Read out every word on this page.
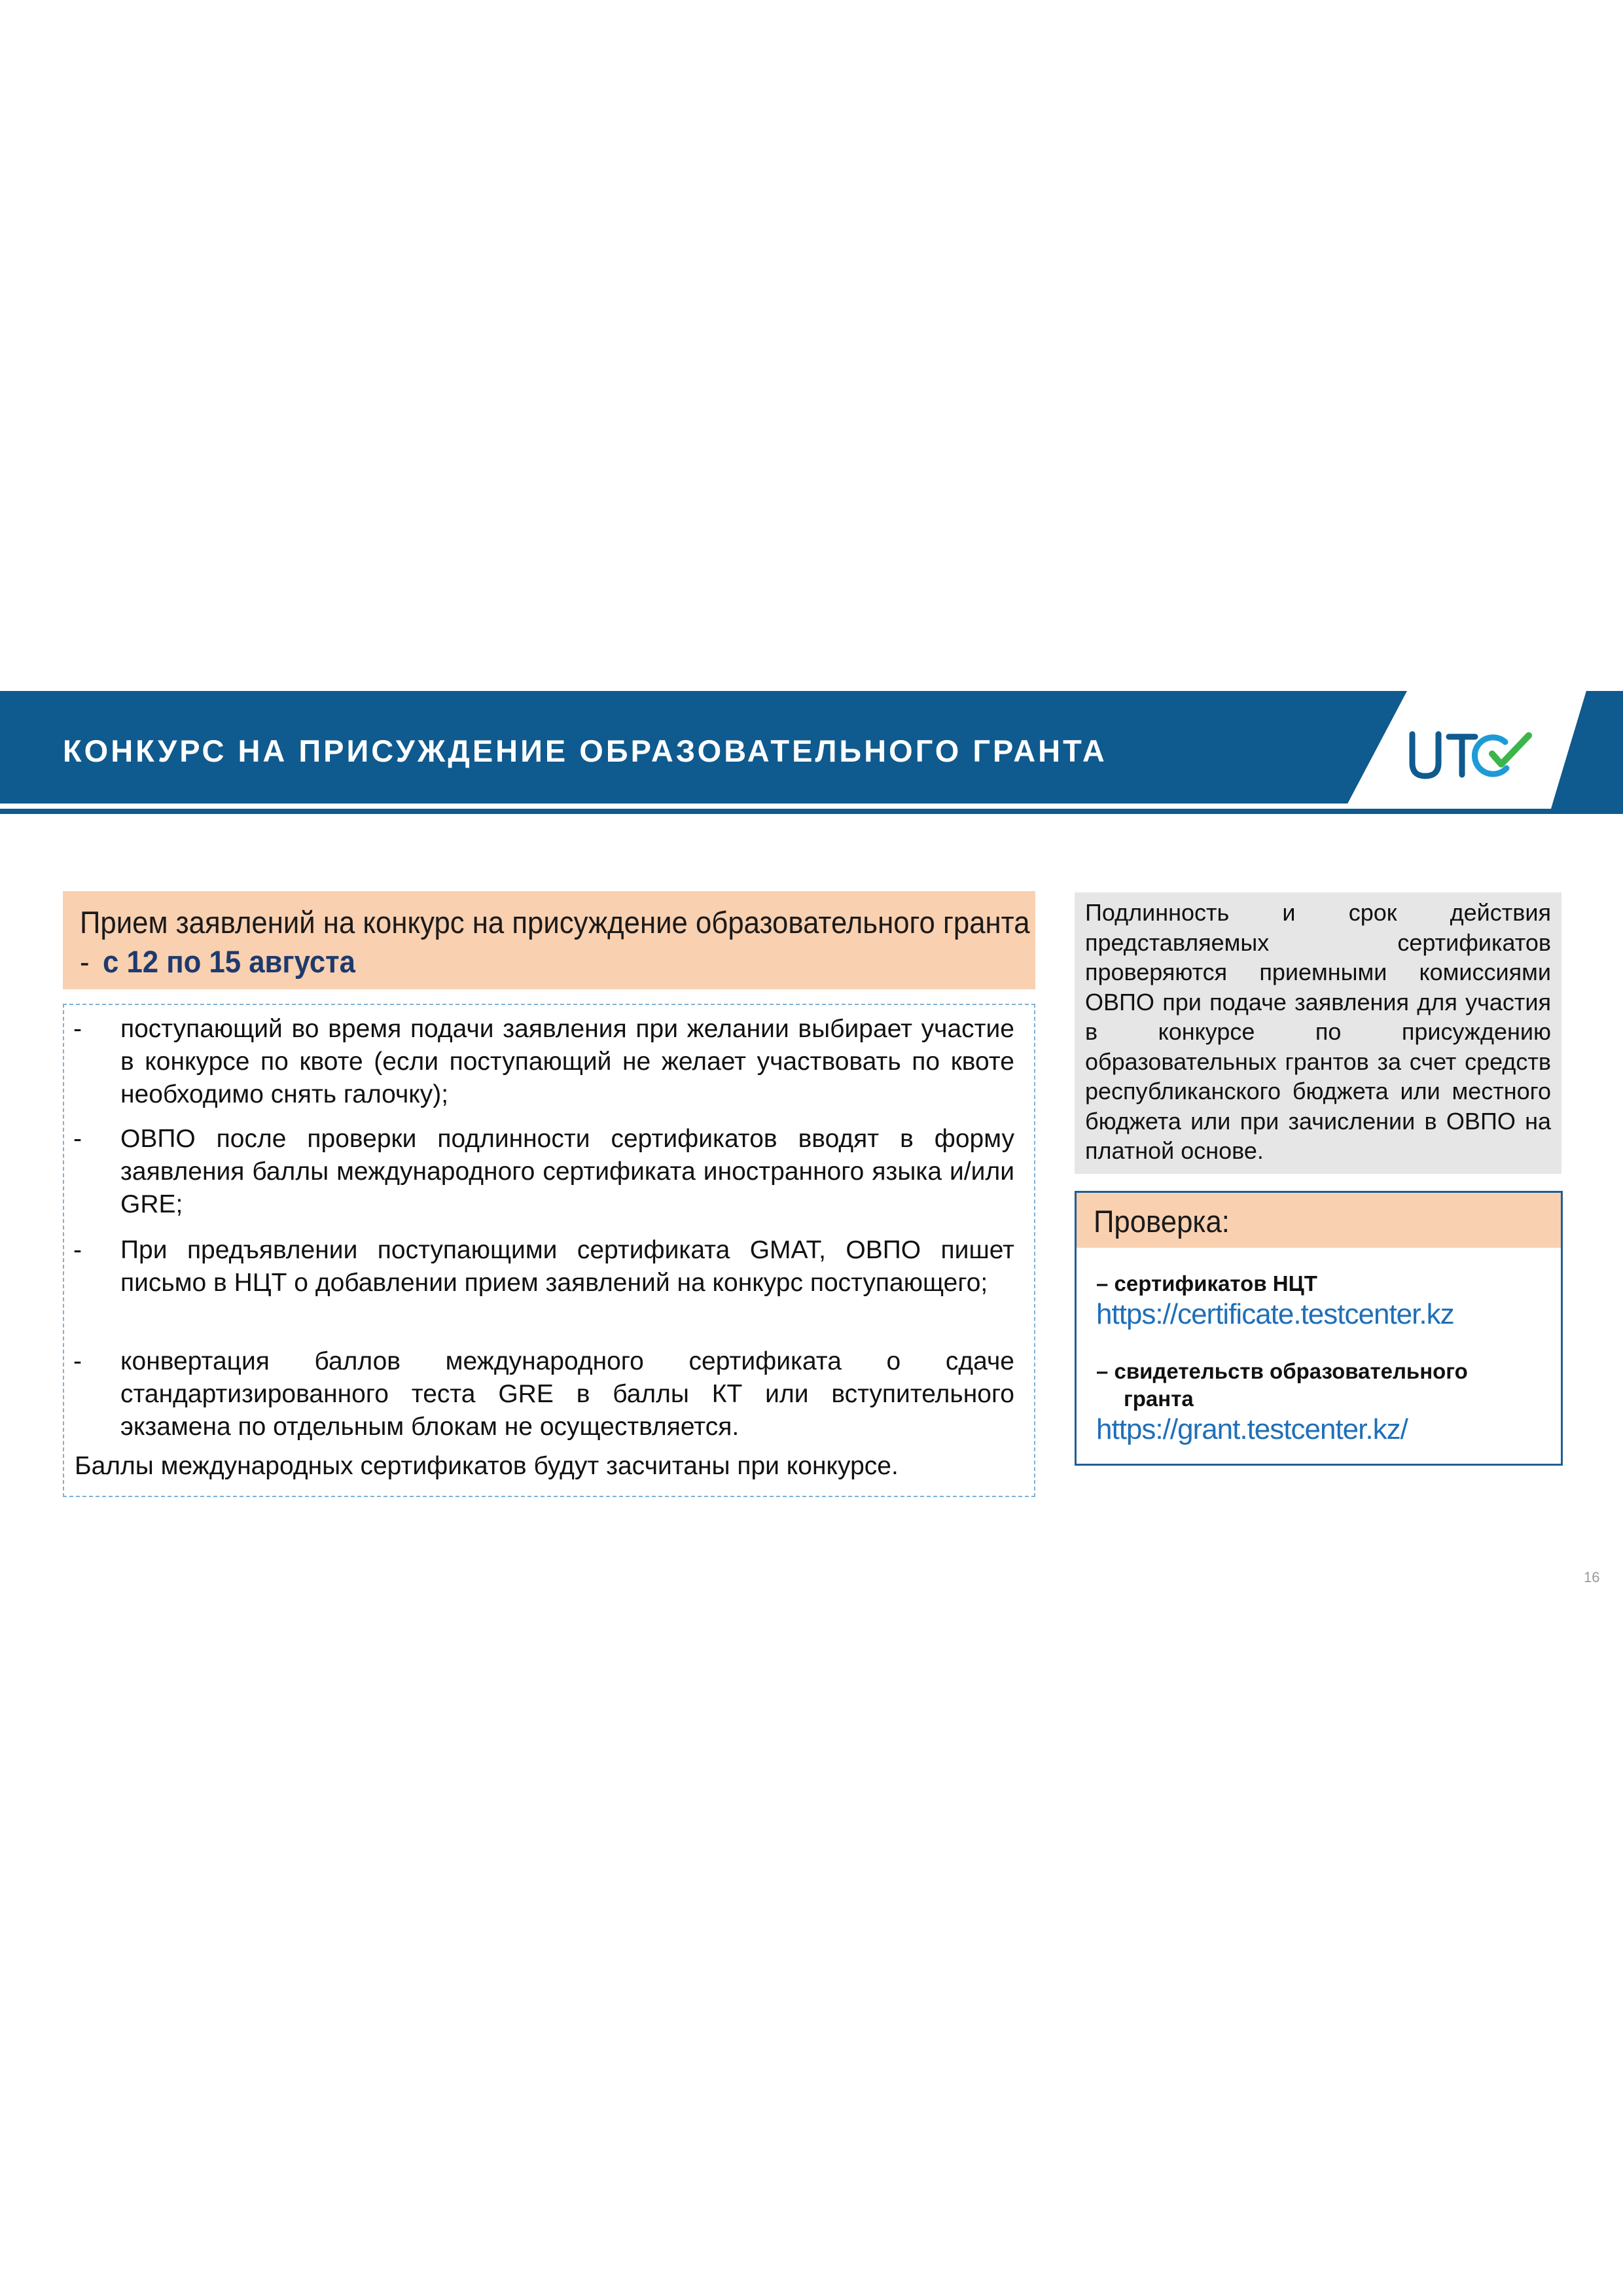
КОНКУРС НА ПРИСУЖДЕНИЕ ОБРАЗОВАТЕЛЬНОГО ГРАНТА
Прием заявлений на конкурс на присуждение образовательного гранта
- с 12 по 15 августа
- поступающий во время подачи заявления при желании выбирает участие в конкурсе по квоте (если поступающий не желает участвовать по квоте необходимо снять галочку);
- ОВПО после проверки подлинности сертификатов вводят в форму заявления баллы международного сертификата иностранного языка и/или GRE;
- При предъявлении поступающими сертификата GMAT, ОВПО пишет письмо в НЦТ о добавлении прием заявлений на конкурс поступающего;
- конвертация баллов международного сертификата о сдаче стандартизированного теста GRE в баллы КТ или вступительного экзамена по отдельным блокам не осуществляется.
Баллы международных сертификатов будут засчитаны при конкурсе.
Подлинность и срок действия представляемых сертификатов проверяются приемными комиссиями ОВПО при подаче заявления для участия в конкурсе по присуждению образовательных грантов за счет средств республиканского бюджета или местного бюджета или при зачислении в ОВПО на платной основе.
Проверка:
– сертификатов НЦТ
https://certificate.testcenter.kz
– свидетельств образовательного
гранта
https://grant.testcenter.kz/
16
